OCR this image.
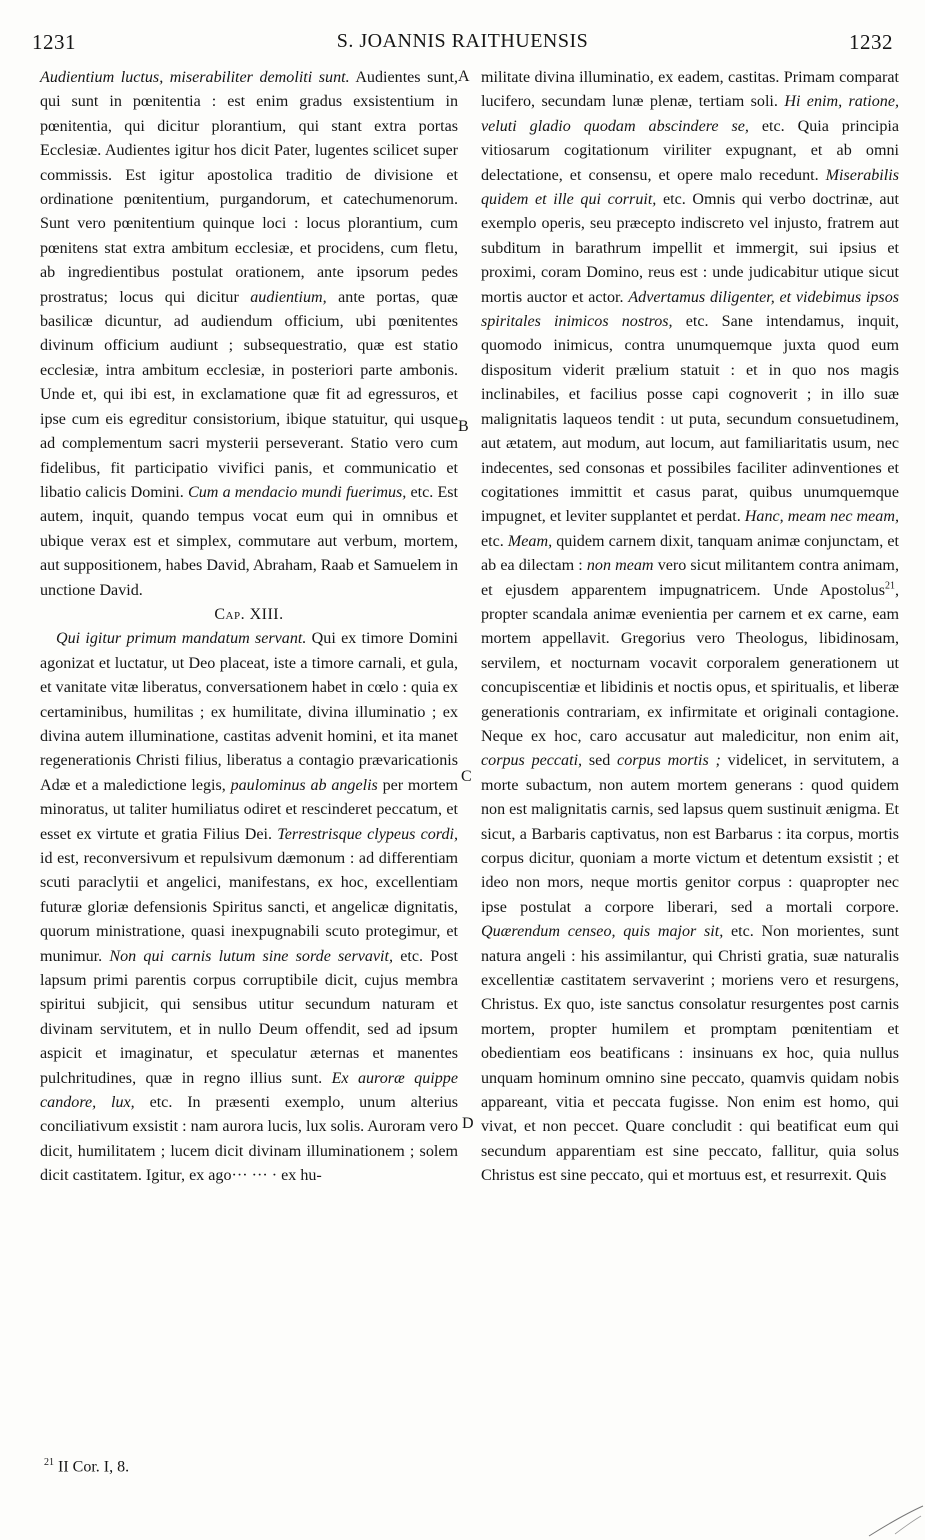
1231	S. JOANNIS RAITHUENSIS	1232
A
B
C
D

Audientium luctus, miserabiliter demoliti sunt. Audientes sunt, qui sunt in pœnitentia : est enim gradus exsistentium in pœnitentia, qui dicitur plorantium, qui stant extra portas Ecclesiæ. Audientes igitur hos dicit Pater, lugentes scilicet super commissis. Est igitur apostolica traditio de divisione et ordinatione pœnitentium, purgandorum, et catechumenorum. Sunt vero pœnitentium quinque loci : locus plorantium, cum pœnitens stat extra ambitum ecclesiæ, et procidens, cum fletu, ab ingredientibus postulat orationem, ante ipsorum pedes prostratus; locus qui dicitur audientium, ante portas, quæ basilicæ dicuntur, ad audiendum officium, ubi pœnitentes divinum officium audiunt ; subsequestratio, quæ est statio ecclesiæ, intra ambitum ecclesiæ, in posteriori parte ambonis. Unde et, qui ibi est, in exclamatione quæ fit ad egressuros, et ipse cum eis egreditur consistorium, ibique statuitur, qui usque ad complementum sacri mysterii perseverant. Statio vero cum fidelibus, fit participatio vivifici panis, et communicatio et libatio calicis Domini. Cum a mendacio mundi fuerimus, etc. Est autem, inquit, quando tempus vocat eum qui in omnibus et ubique verax est et simplex, commutare aut verbum, mortem, aut suppositionem, habes David, Abraham, Raab et Samuelem in unctione David.

Cap. XIII.

Qui igitur primum mandatum servant. Qui ex timore Domini agonizat et luctatur, ut Deo placeat, iste a timore carnali, et gula, et vanitate vitæ liberatus, conversationem habet in cœlo : quia ex certaminibus, humilitas ; ex humilitate, divina illuminatio ; ex divina autem illuminatione, castitas advenit homini, et ita manet regenerationis Christi filius, liberatus a contagio prævaricationis Adæ et a maledictione legis, paulominus ab angelis per mortem minoratus, ut taliter humiliatus odiret et rescinderet peccatum, et esset ex virtute et gratia Filius Dei. Terrestrisque clypeus cordi, id est, reconversivum et repulsivum dæmonum : ad differentiam scuti paraclytii et angelici, manifestans, ex hoc, excellentiam futuræ gloriæ defensionis Spiritus sancti, et angelicæ dignitatis, quorum ministratione, quasi inexpugnabili scuto protegimur, et munimur. Non qui carnis lutum sine sorde servavit, etc. Post lapsum primi parentis corpus corruptibile dicit, cujus membra spiritui subjicit, qui sensibus utitur secundum naturam et divinam servitutem, et in nullo Deum offendit, sed ad ipsum aspicit et imaginatur, et speculatur æternas et manentes pulchritudines, quæ in regno illius sunt. Ex auroræ quippe candore, lux, etc. In præsenti exemplo, unum alterius conciliativum exsistit : nam aurora lucis, lux solis. Auroram vero dicit, humilitatem ; lucem dicit divinam illuminationem ; solem dicit castitatem. Igitur, ex ago··· ··· · ex hu-

militate divina illuminatio, ex eadem, castitas. Primam comparat lucifero, secundam lunæ plenæ, tertiam soli. Hi enim, ratione, veluti gladio quodam abscindere se, etc. Quia principia vitiosarum cogitationum viriliter expugnant, et ab omni delectatione, et consensu, et opere malo recedunt. Miserabilis quidem et ille qui corruit, etc. Omnis qui verbo doctrinæ, aut exemplo operis, seu præcepto indiscreto vel injusto, fratrem aut subditum in barathrum impellit et immergit, sui ipsius et proximi, coram Domino, reus est : unde judicabitur utique sicut mortis auctor et actor. Advertamus diligenter, et videbimus ipsos spiritales inimicos nostros, etc. Sane intendamus, inquit, quomodo inimicus, contra unumquemque juxta quod eum dispositum viderit prælium statuit : et in quo nos magis inclinabiles, et facilius posse capi cognoverit ; in illo suæ malignitatis laqueos tendit : ut puta, secundum consuetudinem, aut ætatem, aut modum, aut locum, aut familiaritatis usum, nec indecentes, sed consonas et possibiles faciliter adinventiones et cogitationes immittit et casus parat, quibus unumquemque impugnet, et leviter supplantet et perdat. Hanc, meam nec meam, etc. Meam, quidem carnem dixit, tanquam animæ conjunctam, et ab ea dilectam : non meam vero sicut militantem contra animam, et ejusdem apparentem impugnatricem. Unde Apostolus$^{21}$, propter scandala animæ evenientia per carnem et ex carne, eam mortem appellavit. Gregorius vero Theologus, libidinosam, servilem, et nocturnam vocavit corporalem generationem ut concupiscentiæ et libidinis et noctis opus, et spiritualis, et liberæ generationis contrariam, ex infirmitate et originali contagione. Neque ex hoc, caro accusatur aut maledicitur, non enim ait, corpus peccati, sed corpus mortis ; videlicet, in servitutem, a morte subactum, non autem mortem generans : quod quidem non est malignitatis carnis, sed lapsus quem sustinuit ænigma. Et sicut, a Barbaris captivatus, non est Barbarus : ita corpus, mortis corpus dicitur, quoniam a morte victum et detentum exsistit ; et ideo non mors, neque mortis genitor corpus : quapropter nec ipse postulat a corpore liberari, sed a mortali corpore. Quærendum censeo, quis major sit, etc. Non morientes, sunt natura angeli : his assimilantur, qui Christi gratia, suæ naturalis excellentiæ castitatem servaverint ; moriens vero et resurgens, Christus. Ex quo, iste sanctus consolatur resurgentes post carnis mortem, propter humilem et promptam pœnitentiam et obedientiam eos beatificans : insinuans ex hoc, quia nullus unquam hominum omnino sine peccato, quamvis quidam nobis appareant, vitia et peccata fugisse. Non enim est homo, qui vivat, et non peccet. Quare concludit : qui beatificat eum qui secundum apparentiam est sine peccato, fallitur, quia solus Christus est sine peccato, qui et mortuus est, et resurrexit. Quis

$^{21}$ II Cor. I, 8.
